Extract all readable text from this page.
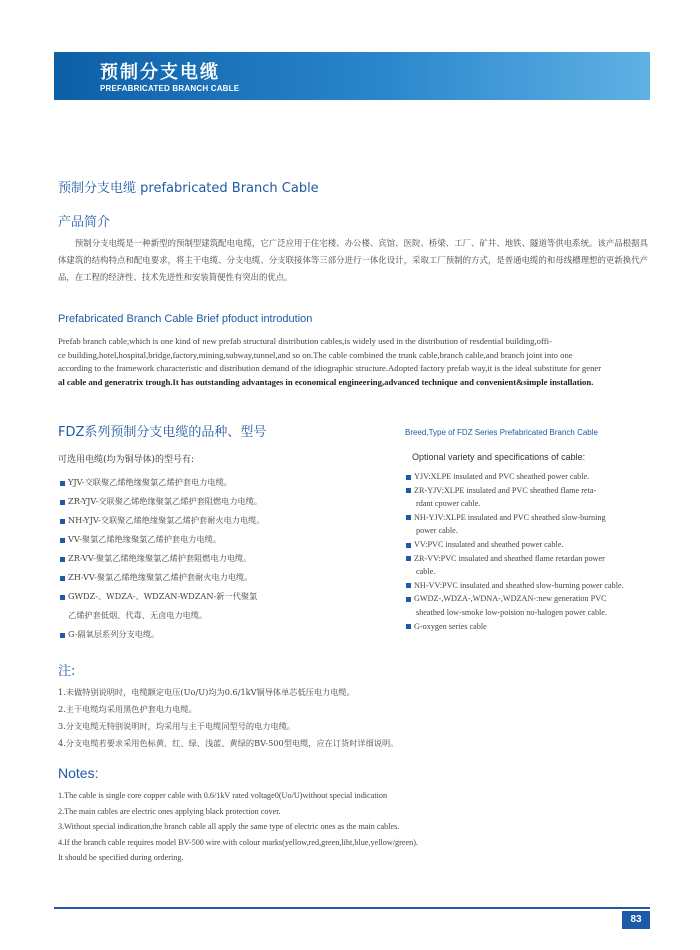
预制分支电缆
PREFABRICATED BRANCH CABLE
预制分支电缆 prefabricated Branch Cable
产品简介
　　预制分支电缆是一种新型的预制型建筑配电电缆，它广泛应用于住宅楼、办公楼、宾馆、医院、桥梁、工厂、矿井、地铁、隧道等供电系统。该产品根据具体建筑的结构特点和配电要求，将主干电缆、分支电缆、分支联接体等三部分进行一体化设计，采取工厂预制的方式，是普通电缆的和母线槽理想的更新换代产品，在工程的经济性、技术先进性和安装简便性有突出的优点。
Prefabricated Branch Cable Brief pfoduct introdution
Prefab branch cable,which is one kind of new prefab structural distribution cables,is widely used in the distribution of resdential building,offi-
ce building,hotel,hospital,bridge,factory,mining,subway,tunnel,and so on.The cable combined the trunk cable,branch cable,and branch joint into one
according to the framework characteristic and distribution demand of the idiographic structure.Adopted factory prefab way,it is the ideal substitute for gener
al cable and generatrix trough.It has outstanding advantages in economical engineering,advanced technique and convenient&simple installation.
FDZ系列预制分支电缆的品种、型号	Breed,Type of FDZ Series Prefabricated Branch Cable
可选用电缆(均为铜导体)的型号有:
YJV-交联聚乙烯绝缘聚氯乙烯护套电力电缆。
ZR-YJV-交联聚乙烯绝缘聚氯乙烯护套阻燃电力电缆。
NH-YJV-交联聚乙烯绝缘聚氯乙烯护套耐火电力电缆。
VV-聚氯乙烯绝缘聚氯乙烯护套电力电缆。
ZR-VV-聚氯乙烯绝缘聚氯乙烯护套阻燃电力电缆。
ZH-VV-聚氯乙烯绝缘聚氯乙烯护套耐火电力电缆。
GWDZ-、WDZA-、WDZAN-WDZAN-新一代聚氯
乙烯护套低烟、代毒、无卤电力电缆。
G-隔氧层系列分支电缆。
Optional variety and specifications of cable:
YJV:XLPE insulated and PVC sheathed power cable.
ZR-YJV:XLPE insulated and PVC sheathed flame reta-
rdant cpower cable.
NH-YJV:XLPE insulated and PVC sheathed slow-burning
power cable.
VV:PVC insulated and sheathed power cable.
ZR-VV:PVC insulated and sheathed flame retardan power
cable.
NH-VV:PVC insulated and sheathed slow-burning power cable.
GWDZ-,WDZA-,WDNA-,WDZAN-:new generation PVC
sheathed low-smoke low-poision no-halogen power cable.
G-oxygen series cable
注:
1.未做特别说明时，电缆额定电压(Uo/U)均为0.6/1kV铜导体单芯低压电力电缆。
2.主干电缆均采用黑色护套电力电缆。
3.分支电缆无特别说明时，均采用与主干电缆同型号的电力电缆。
4.分支电缆若要求采用色标黄、红、绿、浅蓝、黄绿的BV-500型电缆，应在订货时详细说明。
Notes:
1.The cable is single core copper cable with 0.6/1kV rated voltage0(Uo/U)without special indication
2.The main cables are electric ones applying black protection cover.
3.Without special indication,the branch cable all apply the same type of electric ones as the main cables.
4.If the branch cable requires model BV-500 wire with colour marks(yellow,red,green,liht,blue,yellow/green).
It should be specified during ordering.
83
